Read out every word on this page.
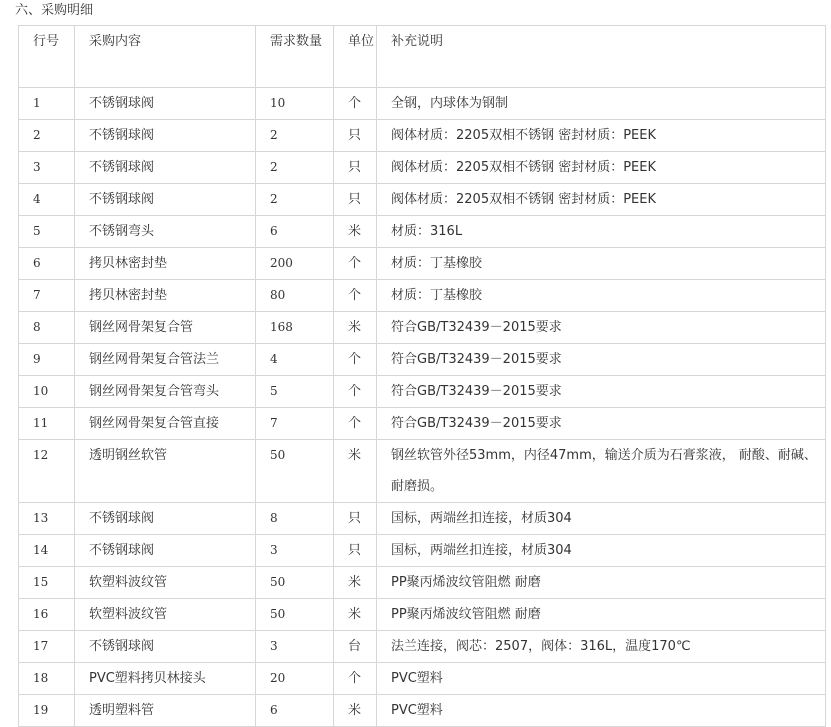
六、采购明细
行号	采购内容	需求数量	单位	补充说明
1	不锈钢球阀	10	个	全钢，内球体为钢制
2	不锈钢球阀	2	只	阀体材质：2205双相不锈钢 密封材质：PEEK
3	不锈钢球阀	2	只	阀体材质：2205双相不锈钢 密封材质：PEEK
4	不锈钢球阀	2	只	阀体材质：2205双相不锈钢 密封材质：PEEK
5	不锈钢弯头	6	米	材质：316L
6	拷贝林密封垫	200	个	材质：丁基橡胶
7	拷贝林密封垫	80	个	材质：丁基橡胶
8	钢丝网骨架复合管	168	米	符合GB/T32439－2015要求
9	钢丝网骨架复合管法兰	4	个	符合GB/T32439－2015要求
10	钢丝网骨架复合管弯头	5	个	符合GB/T32439－2015要求
11	钢丝网骨架复合管直接	7	个	符合GB/T32439－2015要求
12	透明钢丝软管	50	米	钢丝软管外径53mm，内径47mm，输送介质为石膏浆液， 耐酸、耐碱、耐磨损。
13	不锈钢球阀	8	只	国标，两端丝扣连接，材质304
14	不锈钢球阀	3	只	国标，两端丝扣连接，材质304
15	软塑料波纹管	50	米	PP聚丙烯波纹管阻燃 耐磨
16	软塑料波纹管	50	米	PP聚丙烯波纹管阻燃 耐磨
17	不锈钢球阀	3	台	法兰连接，阀芯：2507，阀体：316L，温度170℃
18	PVC塑料拷贝林接头	20	个	PVC塑料
19	透明塑料管	6	米	PVC塑料
